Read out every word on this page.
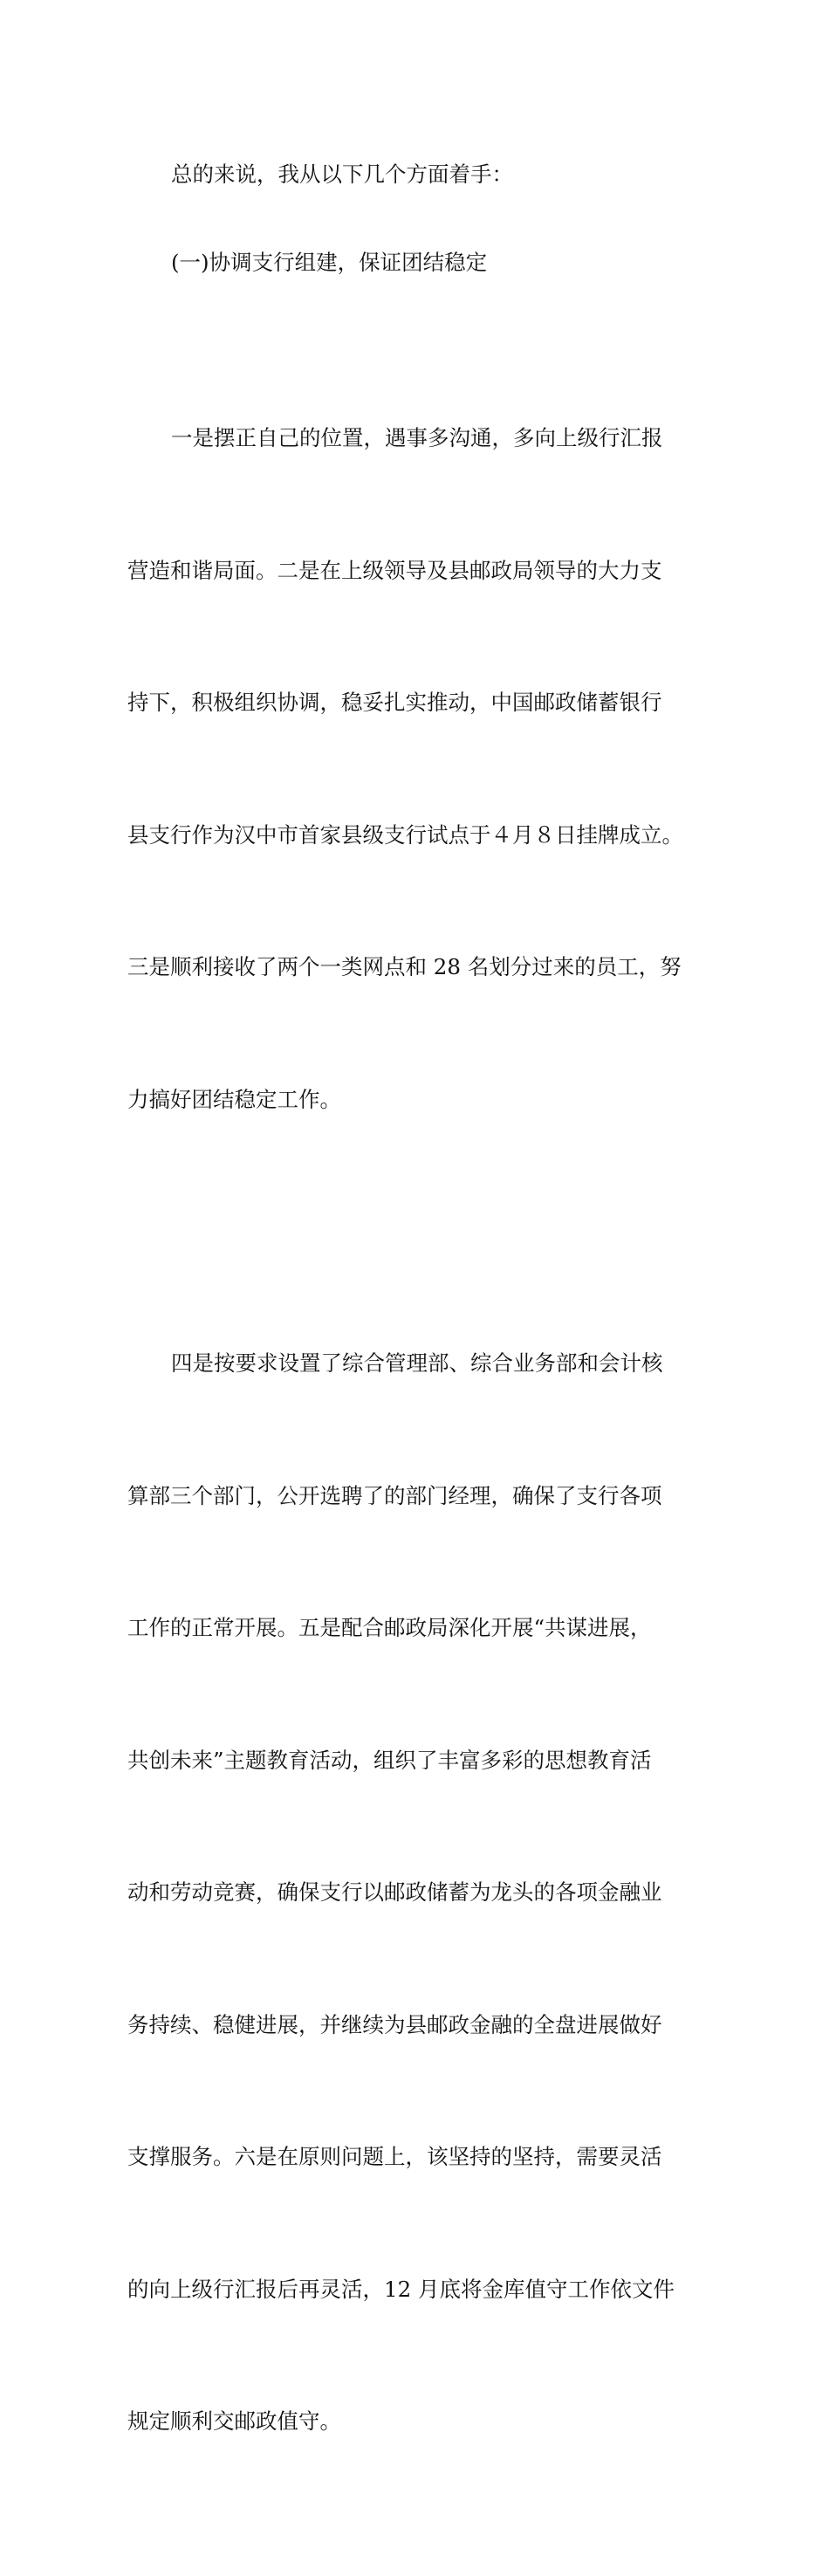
总的来说，我从以下几个方面着手：

(一)协调支行组建，保证团结稳定

一是摆正自己的位置，遇事多沟通，多向上级行汇报

营造和谐局面。二是在上级领导及县邮政局领导的大力支

持下，积极组织协调，稳妥扎实推动，中国邮政储蓄银行

县支行作为汉中市首家县级支行试点于４月８日挂牌成立。

三是顺利接收了两个一类网点和 28 名划分过来的员工，努

力搞好团结稳定工作。

四是按要求设置了综合管理部、综合业务部和会计核

算部三个部门，公开选聘了的部门经理，确保了支行各项

工作的正常开展。五是配合邮政局深化开展“共谋进展，

共创未来”主题教育活动，组织了丰富多彩的思想教育活

动和劳动竞赛，确保支行以邮政储蓄为龙头的各项金融业

务持续、稳健进展，并继续为县邮政金融的全盘进展做好

支撑服务。六是在原则问题上，该坚持的坚持，需要灵活

的向上级行汇报后再灵活，12 月底将金库值守工作依文件

规定顺利交邮政值守。
